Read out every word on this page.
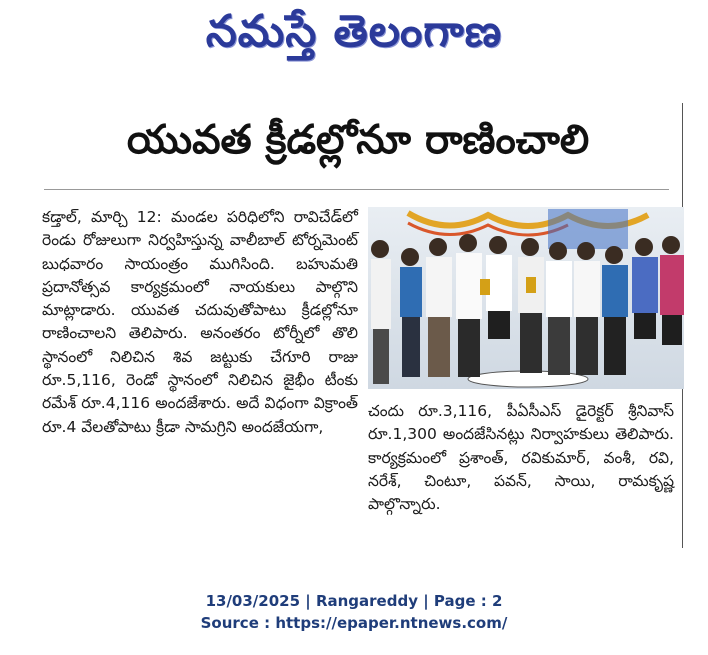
నమస్తే తెలంగాణ
యువత క్రీడల్లోనూ రాణించాలి

కడ్తాల్, మార్చి 12: మండల పరిధిలోని రావిచేడ్‌లో రెండు రోజులుగా నిర్వహిస్తున్న వాలీబాల్ టోర్నమెంట్ బుధవారం సాయంత్రం ముగిసింది. బహుమతి ప్రదానోత్సవ కార్యక్రమంలో నాయకులు పాల్గొని మాట్లాడారు. యువత చదువుతోపాటు క్రీడల్లోనూ రాణించాలని తెలిపారు. అనంతరం టోర్నీలో తొలి స్థానంలో నిలిచిన శివ జట్టుకు చేగూరి రాజు రూ.5,116, రెండో స్థానంలో నిలిచిన జైభీం టీంకు రమేశ్ రూ.4,116 అందజేశారు. అదే విధంగా విక్రాంత్ రూ.4 వేలతోపాటు క్రీడా సామగ్రిని అందజేయగా,

చందు రూ.3,116, పీఏసీఎస్ డైరెక్టర్ శ్రీనివాస్ రూ.1,300 అందజేసినట్లు నిర్వాహకులు తెలిపారు. కార్యక్రమంలో ప్రశాంత్, రవికుమార్, వంశీ, రవి, నరేశ్, చింటూ, పవన్, సాయి, రామకృష్ణ పాల్గొన్నారు.

13/03/2025 | Rangareddy | Page : 2
Source : https://epaper.ntnews.com/
